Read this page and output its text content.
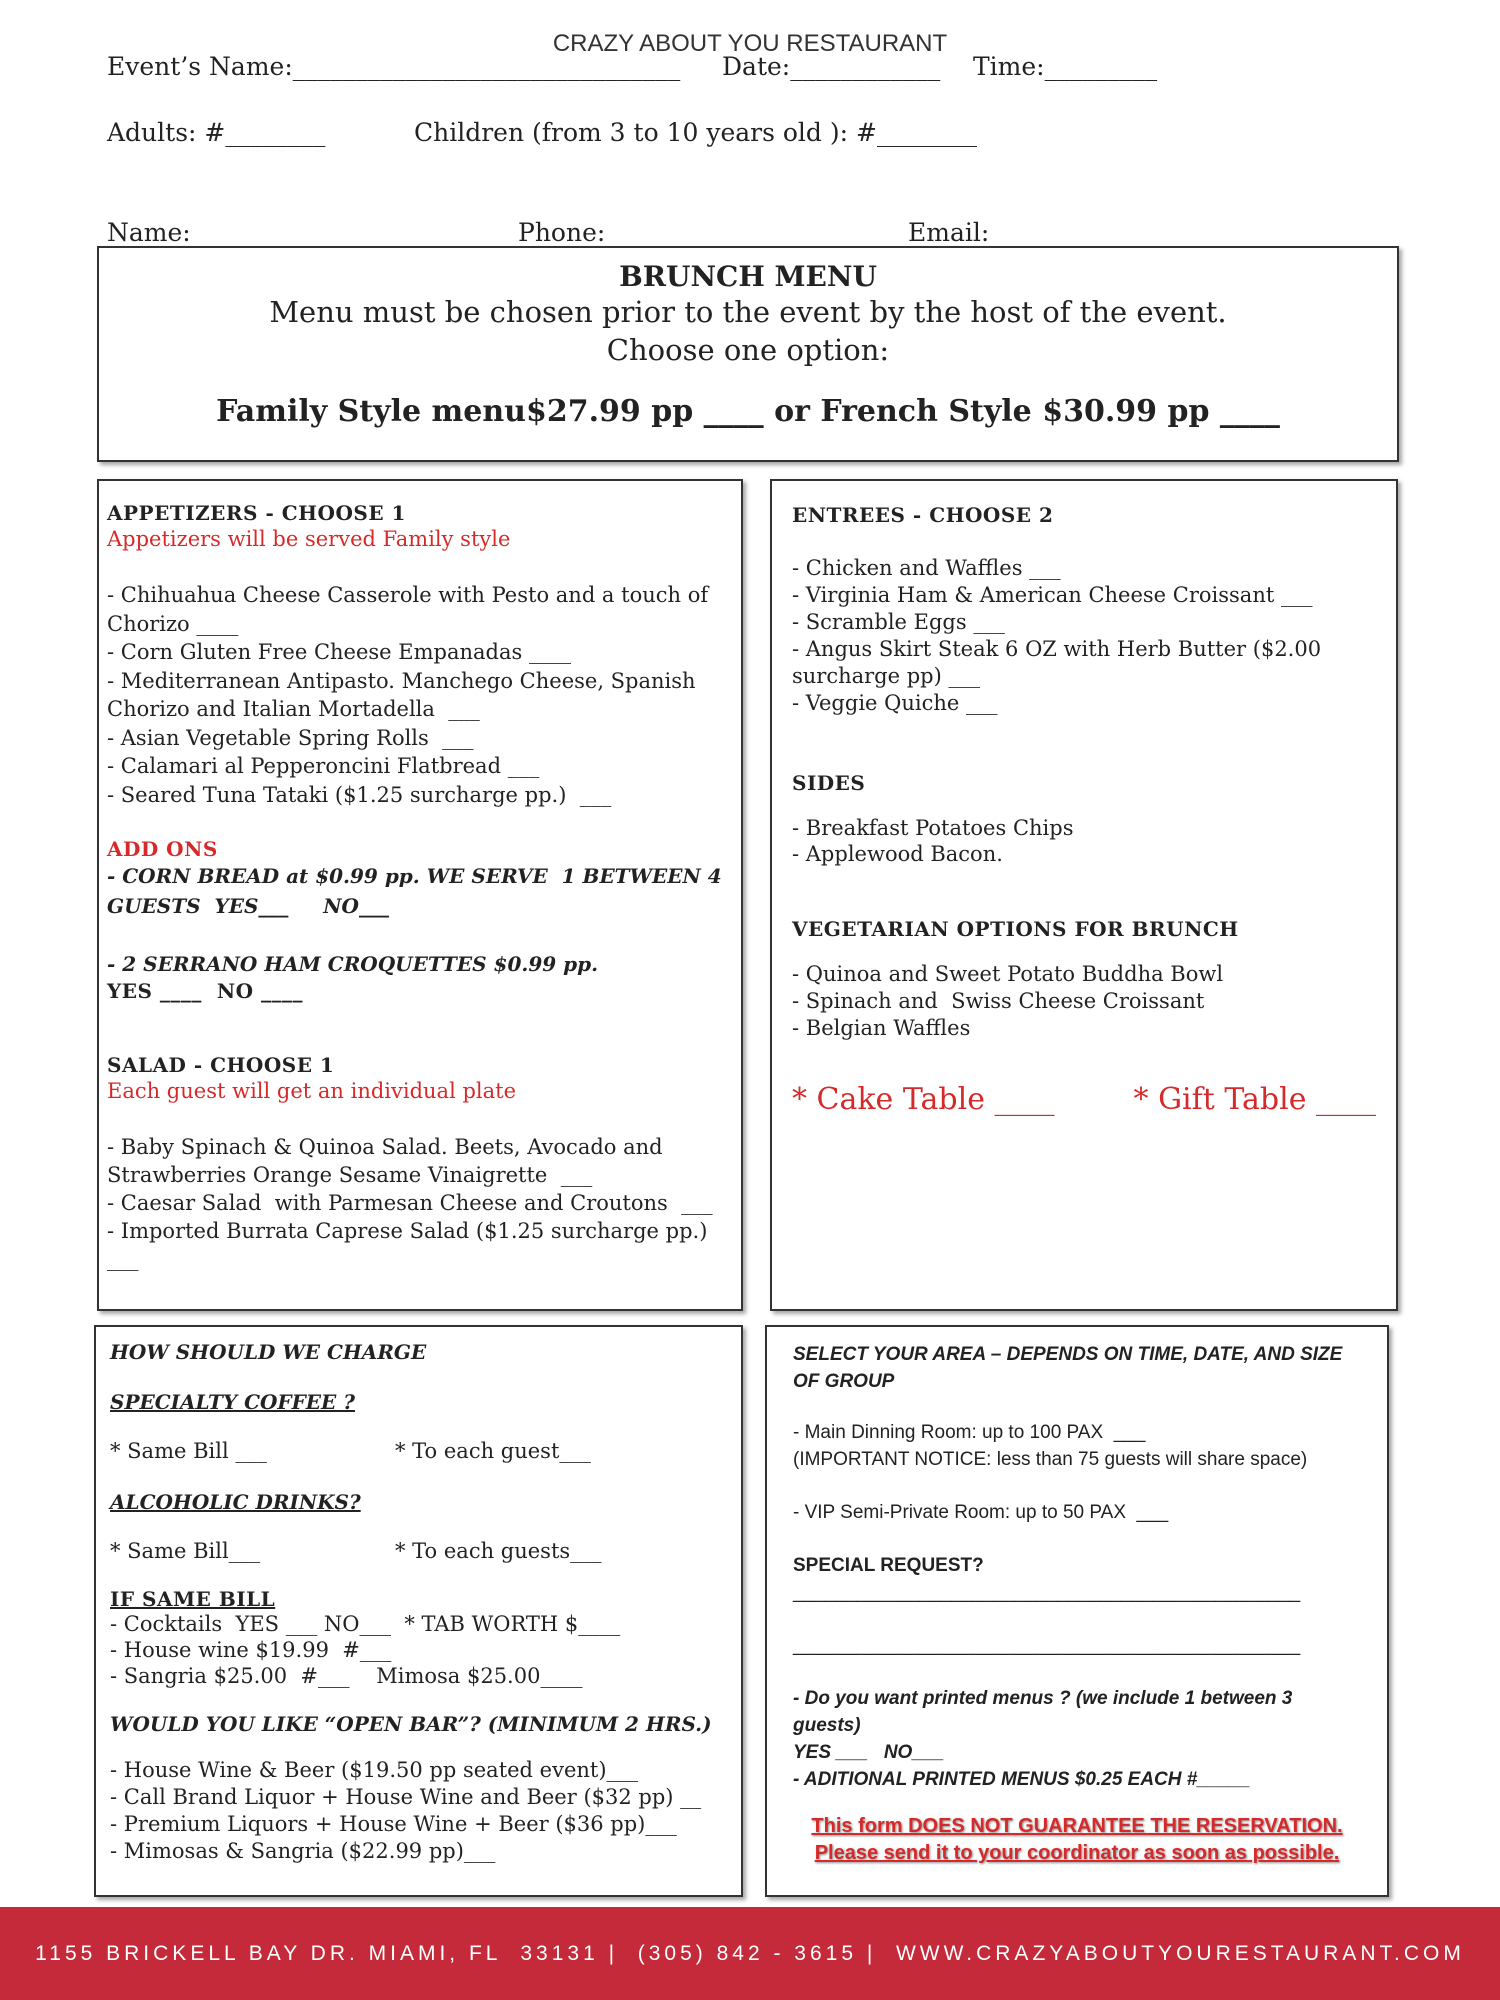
CRAZY ABOUT YOU RESTAURANT
Event’s Name:_______________________________ Date:____________ Time:_________
Adults: #________	Children (from 3 to 10 years old ): #________
Name:	Phone:	Email:
BRUNCH MENU
Menu must be chosen prior to the event by the host of the event.
Choose one option:
Family Style menu$27.99 pp ____ or French Style $30.99 pp ____
APPETIZERS - CHOOSE 1
Appetizers will be served Family style
- Chihuahua Cheese Casserole with Pesto and a touch of Chorizo ____
- Corn Gluten Free Cheese Empanadas ____
- Mediterranean Antipasto. Manchego Cheese, Spanish Chorizo and Italian Mortadella  ___
- Asian Vegetable Spring Rolls  ___
- Calamari al Pepperoncini Flatbread ___
- Seared Tuna Tataki ($1.25 surcharge pp.)  ___
ADD ONS
- CORN BREAD at $0.99 pp. WE SERVE  1 BETWEEN 4 GUESTS  YES___     NO___
- 2 SERRANO HAM CROQUETTES $0.99 pp.
YES ____  NO ____
SALAD - CHOOSE 1
Each guest will get an individual plate
- Baby Spinach & Quinoa Salad. Beets, Avocado and Strawberries Orange Sesame Vinaigrette  ___
- Caesar Salad  with Parmesan Cheese and Croutons  ___
- Imported Burrata Caprese Salad ($1.25 surcharge pp.) ___
ENTREES - CHOOSE 2
- Chicken and Waffles ___
- Virginia Ham & American Cheese Croissant ___
- Scramble Eggs ___
- Angus Skirt Steak 6 OZ with Herb Butter ($2.00 surcharge pp) ___
- Veggie Quiche ___
SIDES
- Breakfast Potatoes Chips
- Applewood Bacon.
VEGETARIAN OPTIONS FOR BRUNCH
- Quinoa and Sweet Potato Buddha Bowl
- Spinach and  Swiss Cheese Croissant
- Belgian Waffles
* Cake Table ____	* Gift Table ____
HOW SHOULD WE CHARGE
SPECIALTY COFFEE ?
* Same Bill ___	* To each guest___
ALCOHOLIC DRINKS?
* Same Bill___	* To each guests___
IF SAME BILL
- Cocktails  YES ___ NO___  * TAB WORTH $____
- House wine $19.99  #___
- Sangria $25.00  #___    Mimosa $25.00____
WOULD YOU LIKE “OPEN BAR”? (MINIMUM 2 HRS.)
- House Wine & Beer ($19.50 pp seated event)___
- Call Brand Liquor + House Wine and Beer ($32 pp) __
- Premium Liquors + House Wine + Beer ($36 pp)___
- Mimosas & Sangria ($22.99 pp)___
SELECT YOUR AREA – DEPENDS ON TIME, DATE, AND SIZE OF GROUP
- Main Dinning Room: up to 100 PAX  ___
(IMPORTANT NOTICE: less than 75 guests will share space)
- VIP Semi-Private Room: up to 50 PAX  ___
SPECIAL REQUEST?
________________________________________________
________________________________________________
- Do you want printed menus ? (we include 1 between 3 guests)
YES ___   NO___
- ADITIONAL PRINTED MENUS $0.25 EACH #_____
This form DOES NOT GUARANTEE THE RESERVATION.
Please send it to your coordinator as soon as possible.
1155 BRICKELL BAY DR. MIAMI, FL  33131 |  (305) 842 - 3615 |  WWW.CRAZYABOUTYOURESTAURANT.COM
